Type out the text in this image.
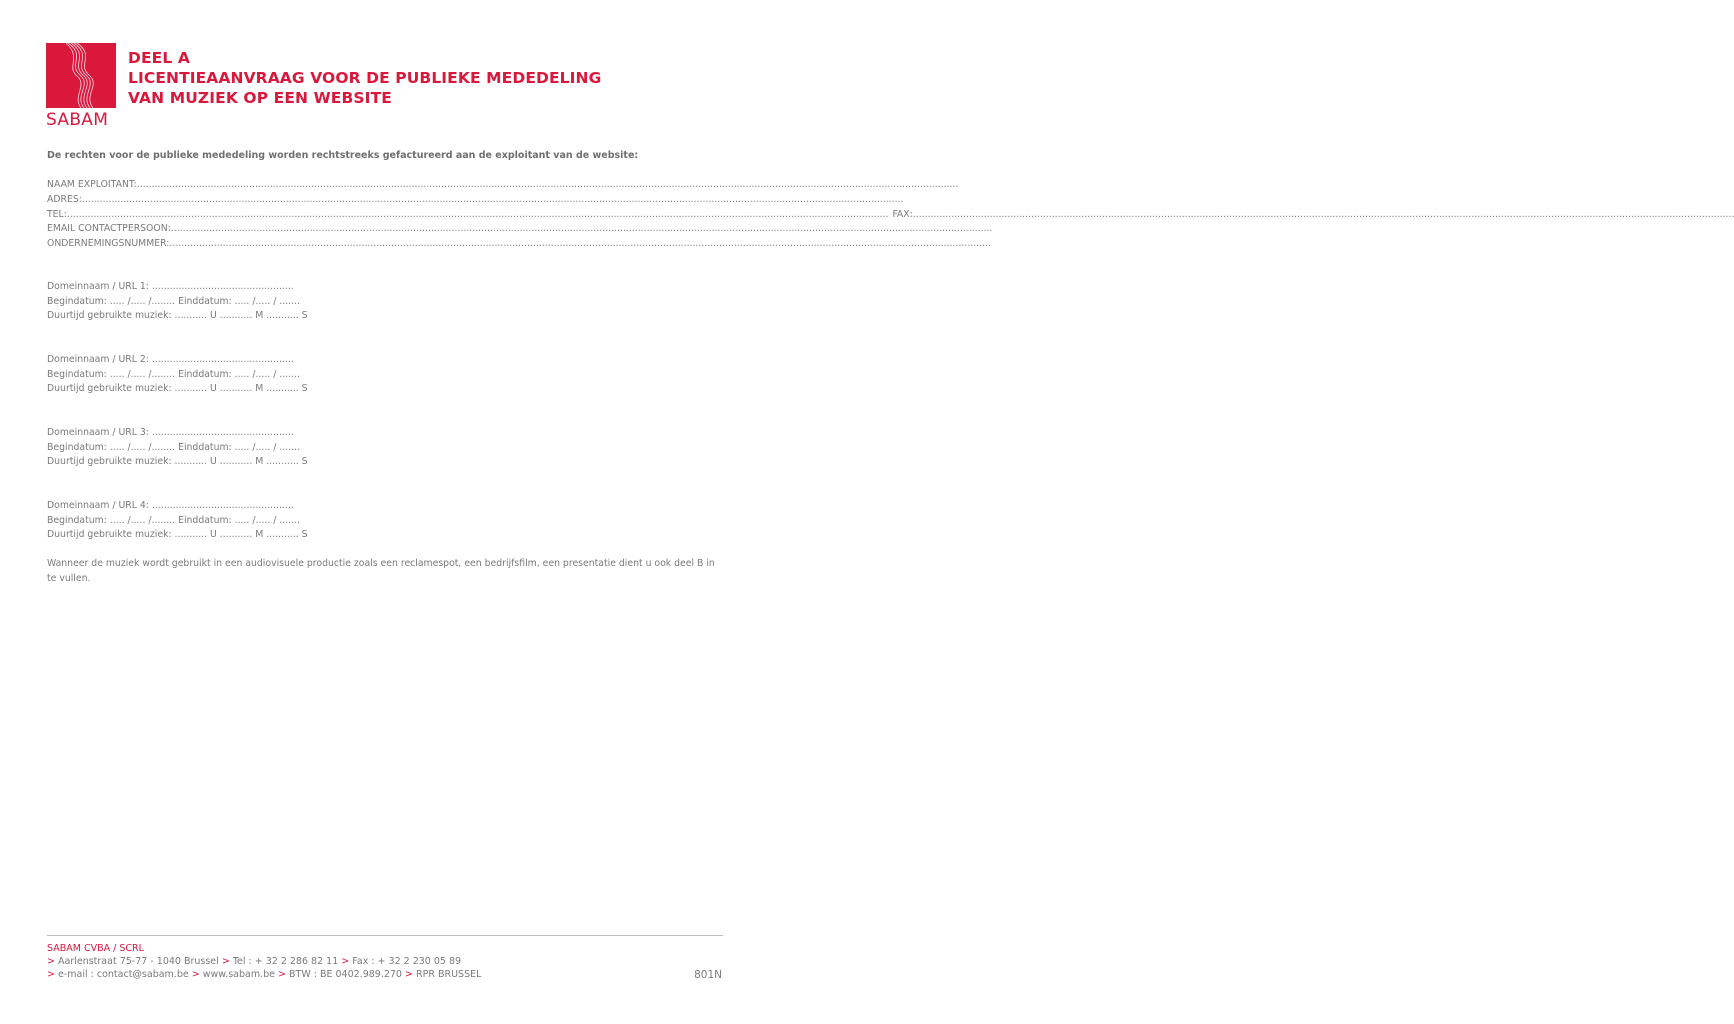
SABAM
DEEL A
LICENTIEAANVRAAG VOOR DE PUBLIEKE MEDEDELING
VAN MUZIEK OP EEN WEBSITE
De rechten voor de publieke mededeling worden rechtstreeks gefactureerd aan de exploitant van de website:
NAAM EXPLOITANT:
.....
ADRES:
.....
TEL:
.....	FAX:
.....
EMAIL CONTACTPERSOON:
.....
ONDERNEMINGSNUMMER:
.....
Domeinnaam / URL 1: ................................................
Begindatum: ..... /..... /........ Einddatum: ..... /..... / .......
Duurtijd gebruikte muziek: ........... U ........... M ........... S
Domeinnaam / URL 2: ................................................
Begindatum: ..... /..... /........ Einddatum: ..... /..... / .......
Duurtijd gebruikte muziek: ........... U ........... M ........... S
Domeinnaam / URL 3: ................................................
Begindatum: ..... /..... /........ Einddatum: ..... /..... / .......
Duurtijd gebruikte muziek: ........... U ........... M ........... S
Domeinnaam / URL 4: ................................................
Begindatum: ..... /..... /........ Einddatum: ..... /..... / .......
Duurtijd gebruikte muziek: ........... U ........... M ........... S
Wanneer de muziek wordt gebruikt in een audiovisuele productie zoals een reclamespot, een bedrijfsfilm, een presentatie dient u ook deel B in te vullen.
SABAM CVBA / SCRL
> Aarlenstraat 75-77 - 1040 Brussel > Tel : + 32 2 286 82 11 > Fax : + 32 2 230 05 89
> e-mail : contact@sabam.be > www.sabam.be > BTW : BE 0402.989.270 > RPR BRUSSEL	801N
